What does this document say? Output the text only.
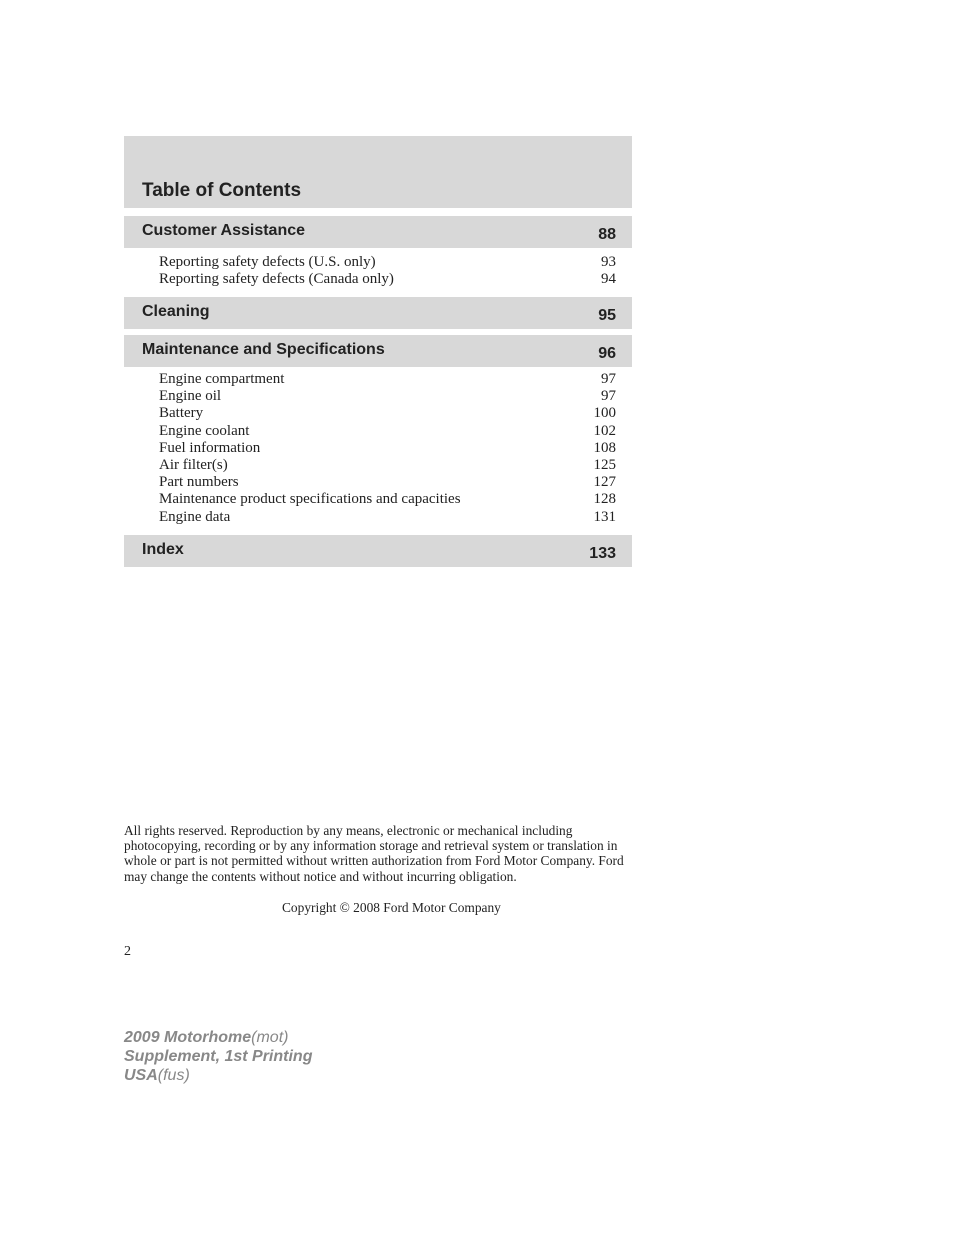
Table of Contents
Customer Assistance	88
Reporting safety defects (U.S. only)	93
Reporting safety defects (Canada only)	94
Cleaning	95
Maintenance and Specifications	96
Engine compartment	97
Engine oil	97
Battery	100
Engine coolant	102
Fuel information	108
Air filter(s)	125
Part numbers	127
Maintenance product specifications and capacities	128
Engine data	131
Index	133

All rights reserved. Reproduction by any means, electronic or mechanical including photocopying, recording or by any information storage and retrieval system or translation in whole or part is not permitted without written authorization from Ford Motor Company. Ford may change the contents without notice and without incurring obligation.

Copyright © 2008 Ford Motor Company
2
2009 Motorhome(mot)
Supplement, 1st Printing
USA(fus)
